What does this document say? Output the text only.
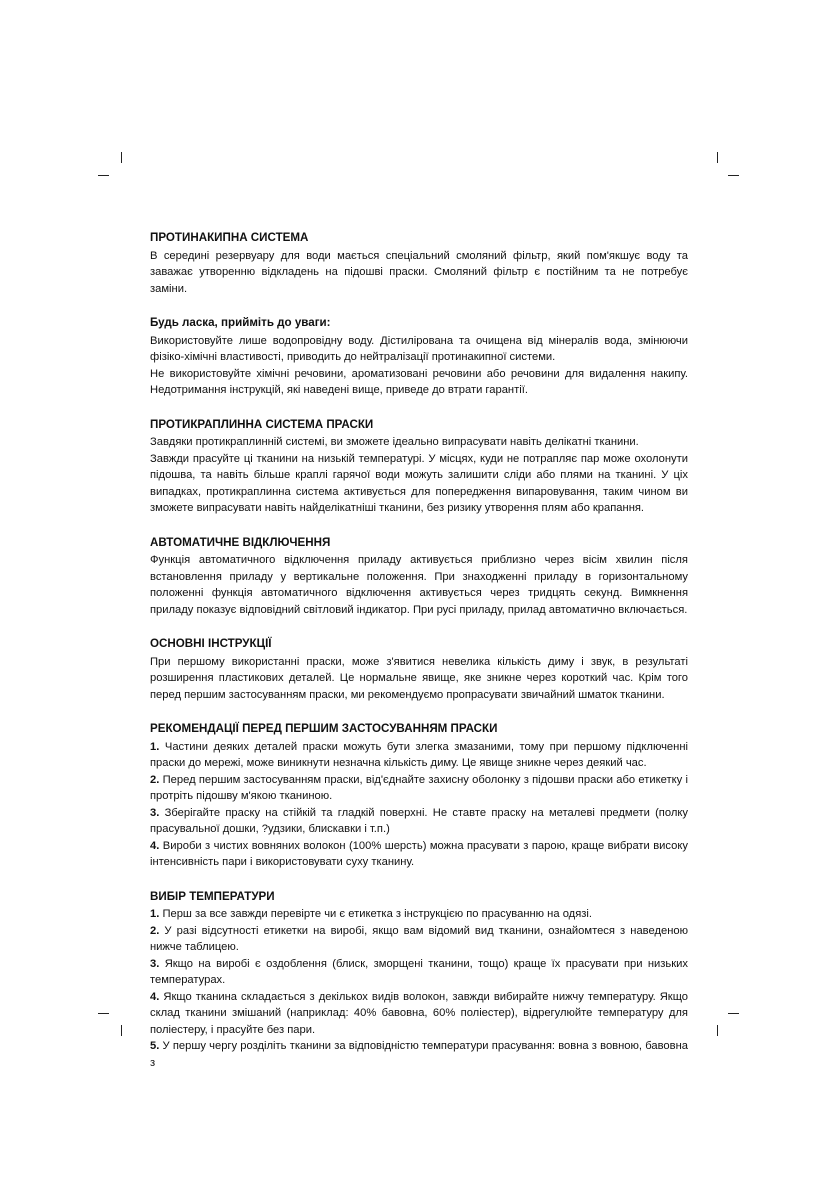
ПРОТИНАКИПНА СИСТЕМА

В середині резервуару для води мається спеціальний смоляний фільтр, який пом'якшує воду та заважає утворенню відкладень на підошві праски. Смоляний фільтр є постійним та не потребує заміни.

Будь ласка, прийміть до уваги:

Використовуйте лише водопровідну воду. Дістилірована та очищена від мінералів вода, змінюючи фізіко-хімічні властивості, приводить до нейтралізації протинакипної системи.

Не використовуйте хімічні речовини, ароматизовані речовини або речовини для видалення накипу. Недотримання інструкцій, які наведені вище, приведе до втрати гарантії.

ПРОТИКРАПЛИННА СИСТЕМА ПРАСКИ

Завдяки протикраплинній системі, ви зможете ідеально випрасувати навіть делікатні тканини.

Завжди прасуйте ці тканини на низькій температурі. У місцях, куди не потрапляє пар може охолонути підошва, та навіть більше краплі гарячої води можуть залишити сліди або плями на тканині. У ціх випадках, протикраплинна система активується для попередження випаровування, таким чином ви зможете випрасувати навіть найделікатніші тканини, без ризику утворення плям або крапання.

АВТОМАТИЧНЕ ВІДКЛЮЧЕННЯ

Функція автоматичного відключення приладу активується приблизно через вісім хвилин після встановлення приладу у вертикальне положення. При знаходженні приладу в горизонтальному положенні функція автоматичного відключення активується через тридцять секунд. Вимкнення приладу показує відповідний світловий індикатор. При русі приладу, прилад автоматично включається.

ОСНОВНІ ІНСТРУКЦІЇ

При першому використанні праски, може з'явитися невелика кількість диму і звук, в результаті розширення пластикових деталей. Це нормальне явище, яке зникне через короткий час. Крім того перед першим застосуванням праски, ми рекомендуємо пропрасувати звичайний шматок тканини.

РЕКОМЕНДАЦІЇ ПЕРЕД ПЕРШИМ ЗАСТОСУВАННЯМ ПРАСКИ

1. Частини деяких деталей праски можуть бути злегка змазаними, тому при першому підключенні праски до мережі, може виникнути незначна кількість диму. Це явище зникне через деякий час.

2. Перед першим застосуванням праски, від'єднайте захисну оболонку з підошви праски або етикетку і протріть підошву м'якою тканиною.

3. Зберігайте праску на стійкій та гладкій поверхні. Не ставте праску на металеві предмети (полку прасувальної дошки, ?удзики, блискавки і т.п.)

4. Вироби з чистих вовняних волокон (100% шерсть) можна прасувати з парою, краще вибрати високу інтенсивність пари і використовувати суху тканину.

ВИБІР ТЕМПЕРАТУРИ

1. Перш за все завжди перевірте чи є етикетка з інструкцією по прасуванню на одязі.

2. У разі відсутності етикетки на виробі, якщо вам відомий вид тканини, ознайомтеся з наведеною нижче таблицею.

3. Якщо на виробі є оздоблення (блиск, зморщені тканини, тощо) краще їх прасувати при низьких температурах.

4. Якщо тканина складається з декількох видів волокон, завжди вибирайте нижчу температуру. Якщо склад тканини змішаний (наприклад: 40% бавовна, 60% поліестер), відрегулюйте температуру для поліестеру, і прасуйте без пари.

5. У першу чергу розділіть тканини за відповідністю температури прасування: вовна з вовною, бавовна з
